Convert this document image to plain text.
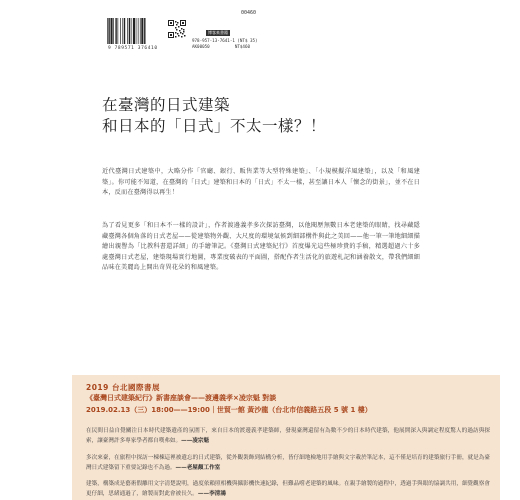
00460
9 789571 376410
博客來書籍
978-957-13-7641-1 (NT$ 35)
AK00050	NT$460
在臺灣的日式建築
和日本的「日式」不太一樣？！

近代臺灣日式建築中，大略分作「官廳、銀行、販售業等大型特殊建築」、「小規模擬洋風建築」，以及「和風建築」。你可能不知道，在臺灣的「日式」建築和日本的「日式」不太一樣，甚至讓日本人「懷念的街景」，並不在日本，反而在臺灣得以再生！

為了看見更多「和日本不一樣的設計」，作者渡邊義孝多次探訪臺灣，以他閱歷無數日本老建築的眼睛，找尋藏隱藏臺灣各個角落的日式老屋——從建築物外觀、大尺度的環境氣候到細部構件與此之美回——他一筆一筆地細細描繪出親譽為「比教科書還詳細」的手繪筆記。《臺灣日式建築紀行》首度爆光這些極珍貴的手稿，精選超過六十多處臺灣日式老屋，建築現場實行地圖，專業度破表的平面圖，搭配作者生活化的旅遊札記和涵養散文，帶我們細細品味在美麗島上開出奇異花朵的和風建築。

2019 台北國際書展
《臺灣日式建築紀行》新書座談會——渡邊義孝×凌宗魁 對談
2019.02.13（三）18:00——19:00｜世貿一館 黃沙龍（台北市信義路五段 5 號 1 樓）

在民間日益自覺關注日本時代建築遺產的氛圍下，來自日本的渡邊義孝建築師，發現臺灣還留有為數不少的日本時代建築，他展開深入與調定程度驚人的過訪與探索，讓臺灣許多專家學者都自嘆弗如。——凌宗魁

多次來臺，在旅程中探訪一棟棟這裡被遺忘的日式建築，從外觀裝飾到結構分析，皆仔細地檢地用手繪與文字載於筆記本，這不僅是培育的建築旅行手冊，就是為臺灣日式建築留下重要記錄也不為過。——老屋顏工作室

建築，構築成是藝術假離用文字清楚說明，過度依賴照相機與攝影機快速紀錄，但難品嚐老建築的風味。在親手繪製的過程中，透過手與眼的協調共用，細覺觀察會更仔細，思緒通過了，繪製而對此會被長久。——李清鴻
